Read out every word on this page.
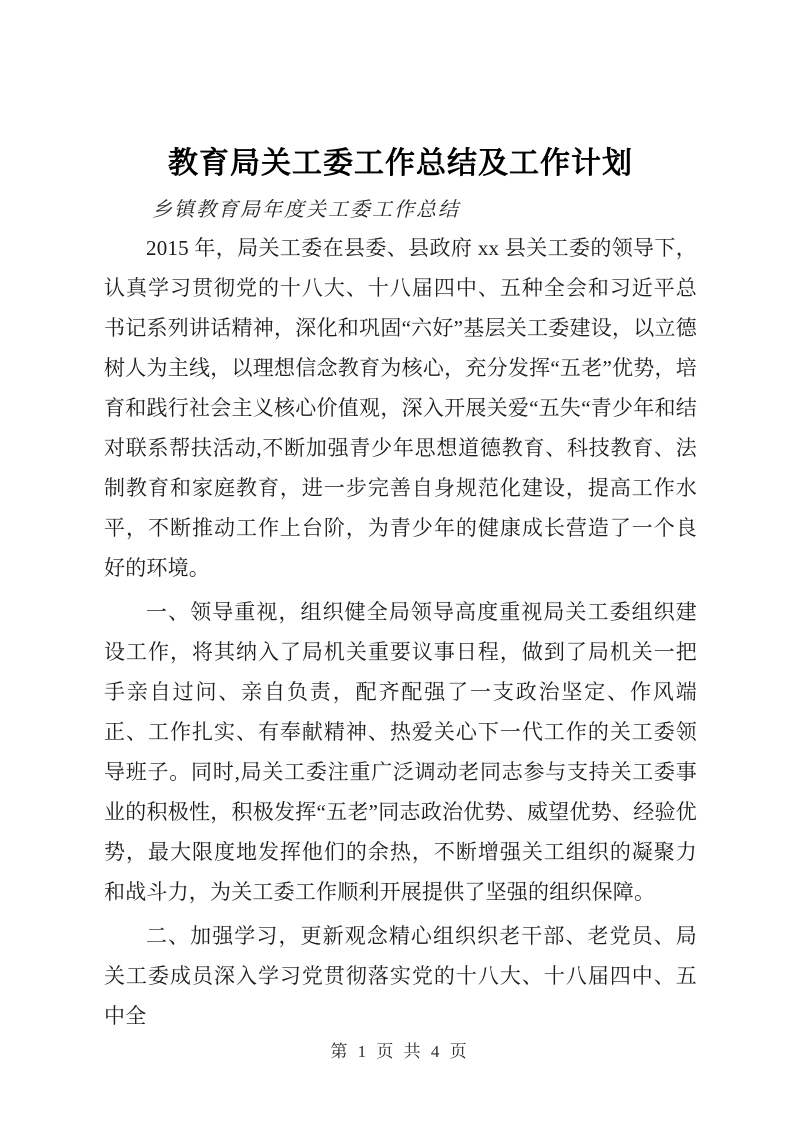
教育局关工委工作总结及工作计划

乡镇教育局年度关工委工作总结

2015 年，局关工委在县委、县政府 xx 县关工委的领导下，认真学习贯彻党的十八大、十八届四中、五种全会和习近平总书记系列讲话精神，深化和巩固“六好”基层关工委建设，以立德树人为主线，以理想信念教育为核心，充分发挥“五老”优势，培育和践行社会主义核心价值观，深入开展关爱“五失“青少年和结对联系帮扶活动,不断加强青少年思想道德教育、科技教育、法制教育和家庭教育，进一步完善自身规范化建设，提高工作水平，不断推动工作上台阶，为青少年的健康成长营造了一个良好的环境。

一、领导重视，组织健全局领导高度重视局关工委组织建设工作，将其纳入了局机关重要议事日程，做到了局机关一把手亲自过问、亲自负责，配齐配强了一支政治坚定、作风端正、工作扎实、有奉献精神、热爱关心下一代工作的关工委领导班子。同时,局关工委注重广泛调动老同志参与支持关工委事业的积极性，积极发挥“五老”同志政治优势、威望优势、经验优势，最大限度地发挥他们的余热，不断增强关工组织的凝聚力和战斗力，为关工委工作顺利开展提供了坚强的组织保障。

二、加强学习，更新观念精心组织织老干部、老党员、局关工委成员深入学习党贯彻落实党的十八大、十八届四中、五中全

第 1 页 共 4 页
